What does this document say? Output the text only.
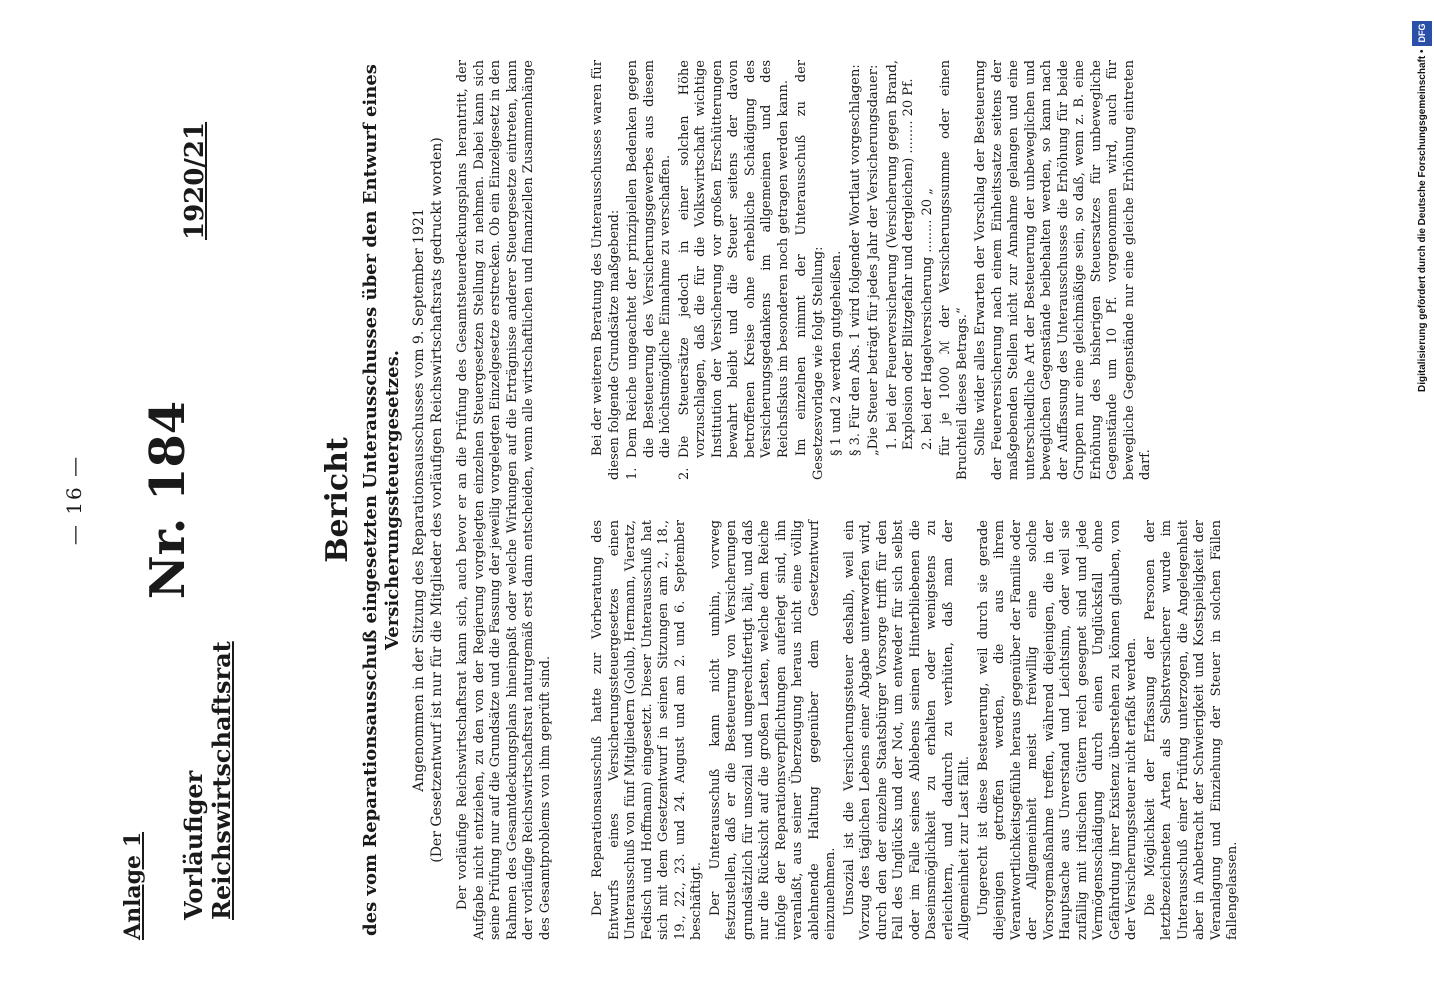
— 16 —
Anlage 1 Vorläufiger Reichswirtschaftsrat
Nr. 184
1920/21
Bericht des vom Reparationsausschuß eingesetzten Unterausschusses über den Entwurf eines Versicherungssteuergesetzes. Angenommen in der Sitzung des Reparationsausschusses vom 9. September 1921 (Der Gesetzentwurf ist nur für die Mitglieder des vorläufigen Reichswirtschaftsrats gedruckt worden) Der vorläufige Reichswirtschaftsrat kann sich, auch bevor er an die Prüfung des Gesamtsteuerdeckungsplans herantritt, der Aufgabe nicht entziehen, zu den von der Regierung vorgelegten einzelnen Steuergesetzen Stellung zu nehmen. Dabei kann sich seine Prüfung nur auf die Grundsätze und die Fassung der jeweilig vorgelegten Einzelgesetze erstrecken. Ob ein Einzelgesetz in den Rahmen des Gesamtdeckungsplans hineinpaßt oder welche Wirkungen auf die Erträgnisse anderer Steuergesetze eintreten, kann der vorläufige Reichswirtschaftsrat naturgemäß erst dann entscheiden, wenn alle wirtschaftlichen und finanziellen Zusammenhänge des Gesamtproblems von ihm geprüft sind.	Der Reparationsausschuß hatte zur Vorberatung des Entwurfs eines Versicherungssteuergesetzes einen Unterausschuß von fünf Mitgliedern (Golub, Hermann, Vieratz, Fedisch und Hoffmann) eingesetzt. Dieser Unterausschuß hat sich mit dem Gesetzentwurf in seinen Sitzungen am 2., 18., 19., 22., 23. und 24. August und am 2. und 6. September beschäftigt. Der Unterausschuß kann nicht umhin, vorweg festzustellen, daß er die Besteuerung von Versicherungen grundsätzlich für unsozial und ungerechtfertigt hält, und daß nur die Rücksicht auf die großen Lasten, welche dem Reiche infolge der Reparationsverpflichtungen auferlegt sind, ihn veranlaßt, aus seiner Überzeugung heraus nicht eine völlig ablehnende Haltung gegenüber dem Gesetzentwurf einzunehmen. Unsozial ist die Versicherungssteuer deshalb, weil ein Vorzug des täglichen Lebens einer Abgabe unterworfen wird, durch den der einzelne Staatsbürger Vorsorge trifft für den Fall des Unglücks und der Not, um entweder für sich selbst oder im Falle seines Ablebens seinen Hinterbliebenen die Daseinsmöglichkeit zu erhalten oder wenigstens zu erleichtern, und dadurch zu verhüten, daß man der Allgemeinheit zur Last fällt. Ungerecht ist diese Besteuerung, weil durch sie gerade diejenigen getroffen werden, die aus ihrem Verantwortlichkeitsgefühle heraus gegenüber der Familie oder der Allgemeinheit meist freiwillig eine solche Vorsorgemaßnahme treffen, während diejenigen, die in der Hauptsache aus Unverstand und Leichtsinn, oder weil sie zufällig mit irdischen Gütern reich gesegnet sind und jede Vermögensschädigung durch einen Unglücksfall ohne Gefährdung ihrer Existenz überstehen zu können glauben, von der Versicherungssteuer nicht erfaßt werden. Die Möglichkeit der Erfassung der Personen der letztbezeichneten Arten als Selbstversicherer wurde im Unterausschuß einer Prüfung unterzogen, die Angelegenheit aber in Anbetracht der Schwierigkeit und Kostspieligkeit der Veranlagung und Einziehung der Steuer in solchen Fällen fallengelassen.

Bei der weiteren Beratung des Unterausschusses waren für diesen folgende Grundsätze maßgebend: 1.
Dem Reiche ungeachtet der prinzipiellen Bedenken gegen die Besteuerung des Versicherungsgewerbes aus diesem die höchstmögliche Einnahme zu verschaffen.

2.
Die Steuersätze jedoch in einer solchen Höhe vorzuschlagen, daß die für die Volkswirtschaft wichtige Institution der Versicherung vor großen Erschütterungen bewahrt bleibt und die Steuer seitens der davon betroffenen Kreise ohne erhebliche Schädigung des Versicherungsgedankens im allgemeinen und des Reichsfiskus im besonderen noch getragen werden kann. Im einzelnen nimmt der Unterausschuß zu der Gesetzesvorlage wie folgt Stellung: § 1 und 2 werden gutgeheißen. § 3. Für den Abs. 1 wird folgender Wortlaut vorgeschlagen: „Die Steuer beträgt für jedes Jahr der Versicherungsdauer: 1. bei der Feuerversicherung (Versicherung gegen Brand, Explosion oder Blitzgefahr und dergleichen) ........ 20 Pf. 2. bei der Hagelversicherung ........ 20 „ für je 1000 ℳ der Versicherungssumme oder einen Bruchteil dieses Betrags.“ Sollte wider alles Erwarten der Vorschlag der Besteuerung der Feuerversicherung nach einem Einheitssatze seitens der maßgebenden Stellen nicht zur Annahme gelangen und eine unterschiedliche Art der Besteuerung der unbeweglichen und beweglichen Gegenstände beibehalten werden, so kann nach der Auffassung des Unterausschusses die Erhöhung für beide Gruppen nur eine gleichmäßige sein, so daß, wenn z. B. eine Erhöhung des bisherigen Steuersatzes für unbewegliche Gegenstände um 10 Pf. vorgenommen wird, auch für bewegliche Gegenstände nur eine gleiche Erhöhung eintreten darf.

Digitalisierung gefördert durch die Deutsche Forschungsgemeinschaft •DFG
